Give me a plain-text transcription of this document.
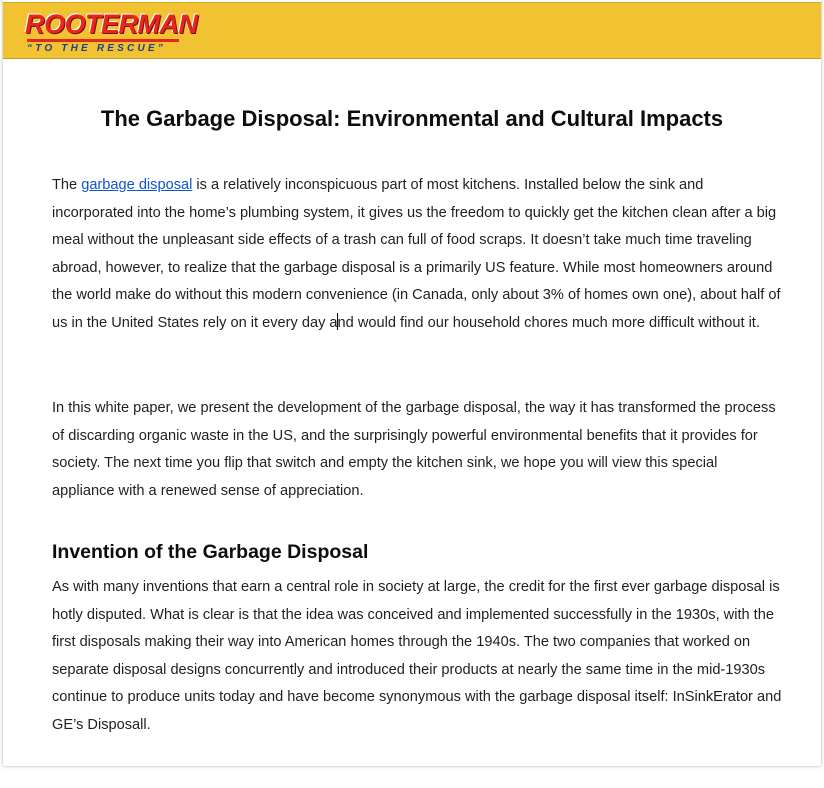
ROOTERMAN
“TO THE RESCUE”
The Garbage Disposal: Environmental and Cultural Impacts

The garbage disposal is a relatively inconspicuous part of most kitchens. Installed below the sink and incorporated into the home’s plumbing system, it gives us the freedom to quickly get the kitchen clean after a big meal without the unpleasant side effects of a trash can full of food scraps. It doesn’t take much time traveling abroad, however, to realize that the garbage disposal is a primarily US feature. While most homeowners around the world make do without this modern convenience (in Canada, only about 3% of homes own one), about half of us in the United States rely on it every day and would find our household chores much more difficult without it.

In this white paper, we present the development of the garbage disposal, the way it has transformed the process of discarding organic waste in the US, and the surprisingly powerful environmental benefits that it provides for society. The next time you flip that switch and empty the kitchen sink, we hope you will view this special appliance with a renewed sense of appreciation.

Invention of the Garbage Disposal

As with many inventions that earn a central role in society at large, the credit for the first ever garbage disposal is hotly disputed. What is clear is that the idea was conceived and implemented successfully in the 1930s, with the first disposals making their way into American homes through the 1940s. The two companies that worked on separate disposal designs concurrently and introduced their products at nearly the same time in the mid-1930s continue to produce units today and have become synonymous with the garbage disposal itself: InSinkErator and GE’s Disposall.
